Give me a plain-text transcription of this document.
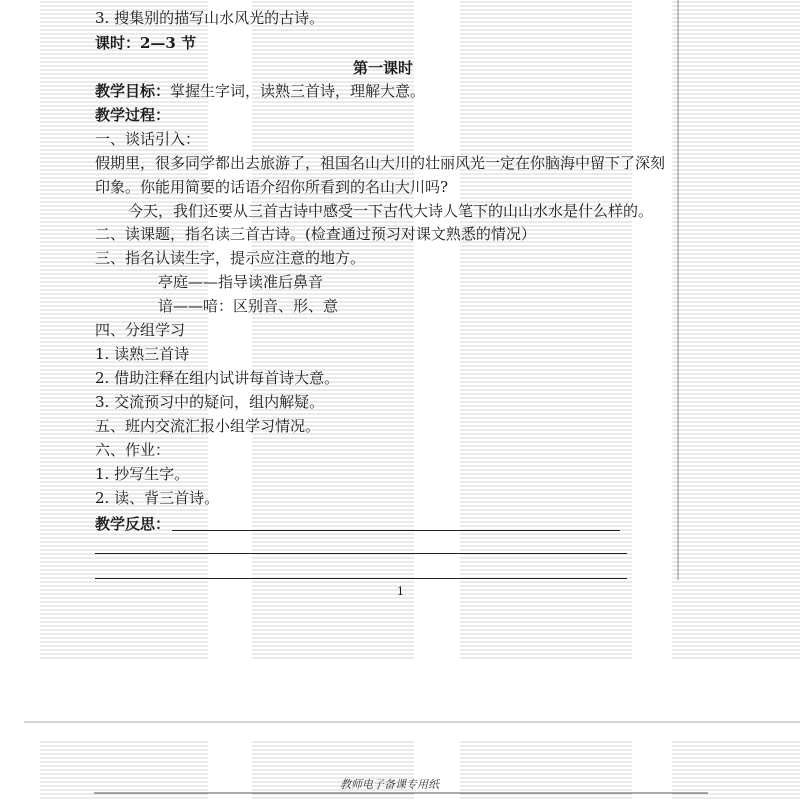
3. 搜集别的描写山水风光的古诗。
课时：2—3 节
第一课时
教学目标：掌握生字词，读熟三首诗，理解大意。
教学过程：
一、谈话引入：
假期里，很多同学都出去旅游了，祖国名山大川的壮丽风光一定在你脑海中留下了深刻
印象。你能用简要的话语介绍你所看到的名山大川吗?
今天，我们还要从三首古诗中感受一下古代大诗人笔下的山山水水是什么样的。
二、读课题，指名读三首古诗。(检查通过预习对课文熟悉的情况）
三、指名认读生字，提示应注意的地方。
亭庭——指导读准后鼻音
谙——喑：区别音、形、意
四、分组学习
1. 读熟三首诗
2. 借助注释在组内试讲每首诗大意。
3. 交流预习中的疑问，组内解疑。
五、班内交流汇报小组学习情况。
六、作业：
1. 抄写生字。
2. 读、背三首诗。
教学反思：
1
教师电子备课专用纸
